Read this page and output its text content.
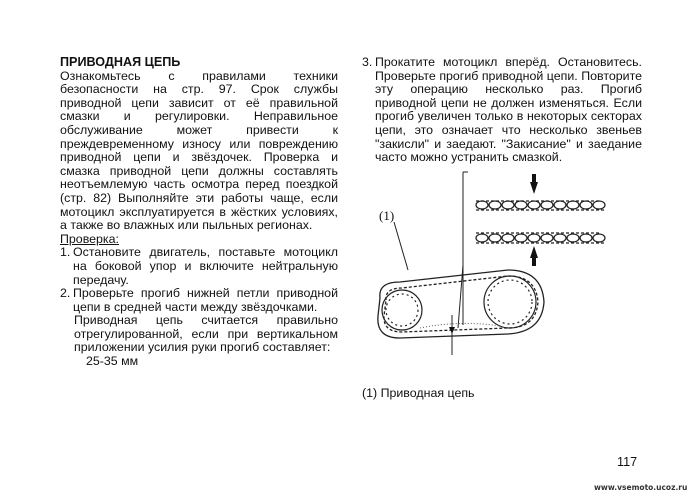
ПРИВОДНАЯ ЦЕПЬ

Ознакомьтесь с правилами техники безопасности на стр. 97. Срок службы приводной цепи зависит от её правильной смазки и регулировки. Неправильное обслуживание может привести к преждевременному износу или повреждению приводной цепи и звёздочек. Проверка и смазка приводной цепи должны составлять неотъемлемую часть осмотра перед поездкой (стр. 82) Выполняйте эти работы чаще, если мотоцикл эксплуатируется в жёстких условиях, а также во влажных или пыльных регионах.

Проверка:

1. Остановите двигатель, поставьте мотоцикл на боковой упор и включите нейтральную передачу.

2. Проверьте прогиб нижней петли приводной цепи в средней части между звёздочками.

Приводная цепь считается правильно отрегулированной, если при вертикальном приложении усилия руки прогиб составляет:

25-35 мм

3. Прокатите мотоцикл вперёд. Остановитесь. Проверьте прогиб приводной цепи. Повторите эту операцию несколько раз. Прогиб приводной цепи не должен изменяться. Если прогиб увеличен только в некоторых секторах цепи, это означает что несколько звеньев "закисли" и заедают. "Закисание" и заедание часто можно устранить смазкой.

(1)
(1) Приводная цепь
117
www.vsemoto.ucoz.ru
